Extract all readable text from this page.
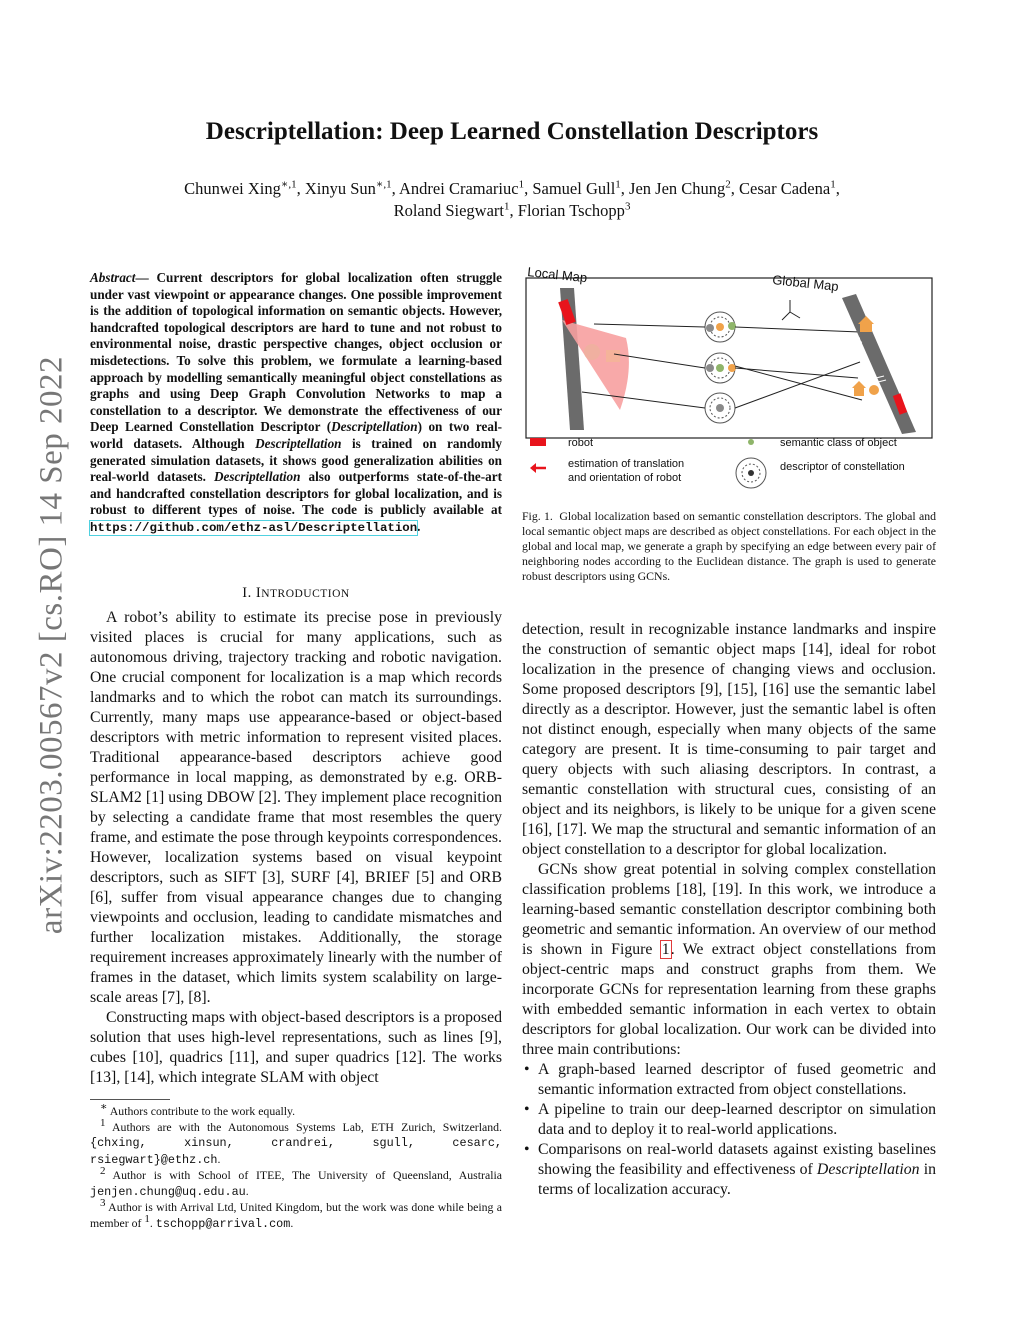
arXiv:2203.00567v2 [cs.RO] 14 Sep 2022
Descriptellation: Deep Learned Constellation Descriptors
Chunwei Xing$^{∗,1}$, Xinyu Sun$^{∗,1}$, Andrei Cramariuc$^1$, Samuel Gull$^1$, Jen Jen Chung$^2$, Cesar Cadena$^1$,
Roland Siegwart$^1$, Florian Tschopp$^3$
Abstract— Current descriptors for global localization often struggle under vast viewpoint or appearance changes. One possible improvement is the addition of topological information on semantic objects. However, handcrafted topological descriptors are hard to tune and not robust to environmental noise, drastic perspective changes, object occlusion or misdetections. To solve this problem, we formulate a learning-based approach by modelling semantically meaningful object constellations as graphs and using Deep Graph Convolution Networks to map a constellation to a descriptor. We demonstrate the effectiveness of our Deep Learned Constellation Descriptor (Descriptellation) on two real-world datasets. Although Descriptellation is trained on randomly generated simulation datasets, it shows good generalization abilities on real-world datasets. Descriptellation also outperforms state-of-the-art and handcrafted constellation descriptors for global localization, and is robust to different types of noise. The code is publicly available at https://github.com/ethz-asl/Descriptellation.
I. INTRODUCTION

A robot’s ability to estimate its precise pose in previously visited places is crucial for many applications, such as autonomous driving, trajectory tracking and robotic navigation. One crucial component for localization is a map which records landmarks and to which the robot can match its surroundings. Currently, many maps use appearance-based or object-based descriptors with metric information to represent visited places. Traditional appearance-based descriptors achieve good performance in local mapping, as demonstrated by e.g. ORB-SLAM2 [1] using DBOW [2]. They implement place recognition by selecting a candidate frame that most resembles the query frame, and estimate the pose through keypoints correspondences. However, localization systems based on visual keypoint descriptors, such as SIFT [3], SURF [4], BRIEF [5] and ORB [6], suffer from visual appearance changes due to changing viewpoints and occlusion, leading to candidate mismatches and further localization mistakes. Additionally, the storage requirement increases approximately linearly with the number of frames in the dataset, which limits system scalability on large-scale areas [7], [8].

Constructing maps with object-based descriptors is a proposed solution that uses high-level representations, such as lines [9], cubes [10], quadrics [11], and super quadrics [12]. The works [13], [14], which integrate SLAM with object

∗ Authors contribute to the work equally.

$^1$ Authors are with the Autonomous Systems Lab, ETH Zurich, Switzerland. {chxing, xinsun, crandrei, sgull, cesarc, rsiegwart}@ethz.ch.

$^2$ Author is with School of ITEE, The University of Queensland, Australia jenjen.chung@uq.edu.au.

$^3$ Author is with Arrival Ltd, United Kingdom, but the work was done while being a member of $^1$. tschopp@arrival.com.

Local Map	Global Map
robot
estimation of translation
and orientation of robot
semantic class of object
descriptor of constellation
Fig. 1. Global localization based on semantic constellation descriptors. The global and local semantic object maps are described as object constellations. For each object in the global and local map, we generate a graph by specifying an edge between every pair of neighboring nodes according to the Euclidean distance. The graph is used to generate robust descriptors using GCNs.

detection, result in recognizable instance landmarks and inspire the construction of semantic object maps [14], ideal for robot localization in the presence of changing views and occlusion. Some proposed descriptors [9], [15], [16] use the semantic label directly as a descriptor. However, just the semantic label is often not distinct enough, especially when many objects of the same category are present. It is time-consuming to pair target and query objects with such aliasing descriptors. In contrast, a semantic constellation with structural cues, consisting of an object and its neighbors, is likely to be unique for a given scene [16], [17]. We map the structural and semantic information of an object constellation to a descriptor for global localization.

GCNs show great potential in solving complex constellation classification problems [18], [19]. In this work, we introduce a learning-based semantic constellation descriptor combining both geometric and semantic information. An overview of our method is shown in Figure 1. We extract object constellations from object-centric maps and construct graphs from them. We incorporate GCNs for representation learning from these graphs with embedded semantic information in each vertex to obtain descriptors for global localization. Our work can be divided into three main contributions:

• A graph-based learned descriptor of fused geometric and semantic information extracted from object constellations.
• A pipeline to train our deep-learned descriptor on simulation data and to deploy it to real-world applications.
• Comparisons on real-world datasets against existing baselines showing the feasibility and effectiveness of Descriptellation in terms of localization accuracy.
